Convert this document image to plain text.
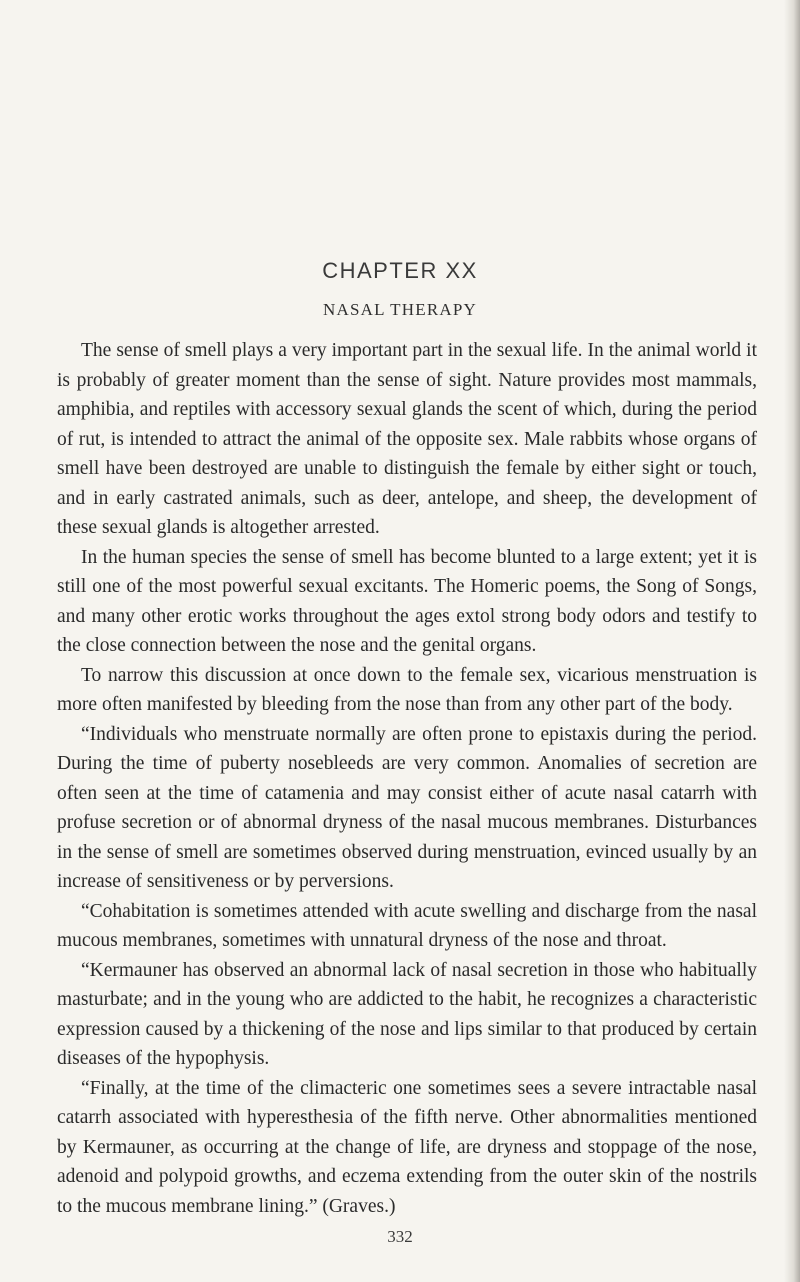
CHAPTER XX
NASAL THERAPY

The sense of smell plays a very important part in the sexual life. In the animal world it is probably of greater moment than the sense of sight. Nature provides most mammals, amphibia, and reptiles with accessory sexual glands the scent of which, during the period of rut, is intended to attract the animal of the opposite sex. Male rabbits whose organs of smell have been destroyed are unable to distinguish the female by either sight or touch, and in early castrated animals, such as deer, antelope, and sheep, the development of these sexual glands is altogether arrested.

In the human species the sense of smell has become blunted to a large extent; yet it is still one of the most powerful sexual excitants. The Homeric poems, the Song of Songs, and many other erotic works throughout the ages extol strong body odors and testify to the close connection between the nose and the genital organs.

To narrow this discussion at once down to the female sex, vicarious menstruation is more often manifested by bleeding from the nose than from any other part of the body.

“Individuals who menstruate normally are often prone to epistaxis during the period. During the time of puberty nosebleeds are very common. Anomalies of secretion are often seen at the time of catamenia and may consist either of acute nasal catarrh with profuse secretion or of abnormal dryness of the nasal mucous membranes. Disturbances in the sense of smell are sometimes observed during menstruation, evinced usually by an increase of sensitiveness or by perversions.

“Cohabitation is sometimes attended with acute swelling and discharge from the nasal mucous membranes, sometimes with unnatural dryness of the nose and throat.

“Kermauner has observed an abnormal lack of nasal secretion in those who habitually masturbate; and in the young who are addicted to the habit, he recognizes a characteristic expression caused by a thickening of the nose and lips similar to that produced by certain diseases of the hypophysis.

“Finally, at the time of the climacteric one sometimes sees a severe intractable nasal catarrh associated with hyperesthesia of the fifth nerve. Other abnormalities mentioned by Kermauner, as occurring at the change of life, are dryness and stoppage of the nose, adenoid and polypoid growths, and eczema extending from the outer skin of the nostrils to the mucous membrane lining.” (Graves.)

332
